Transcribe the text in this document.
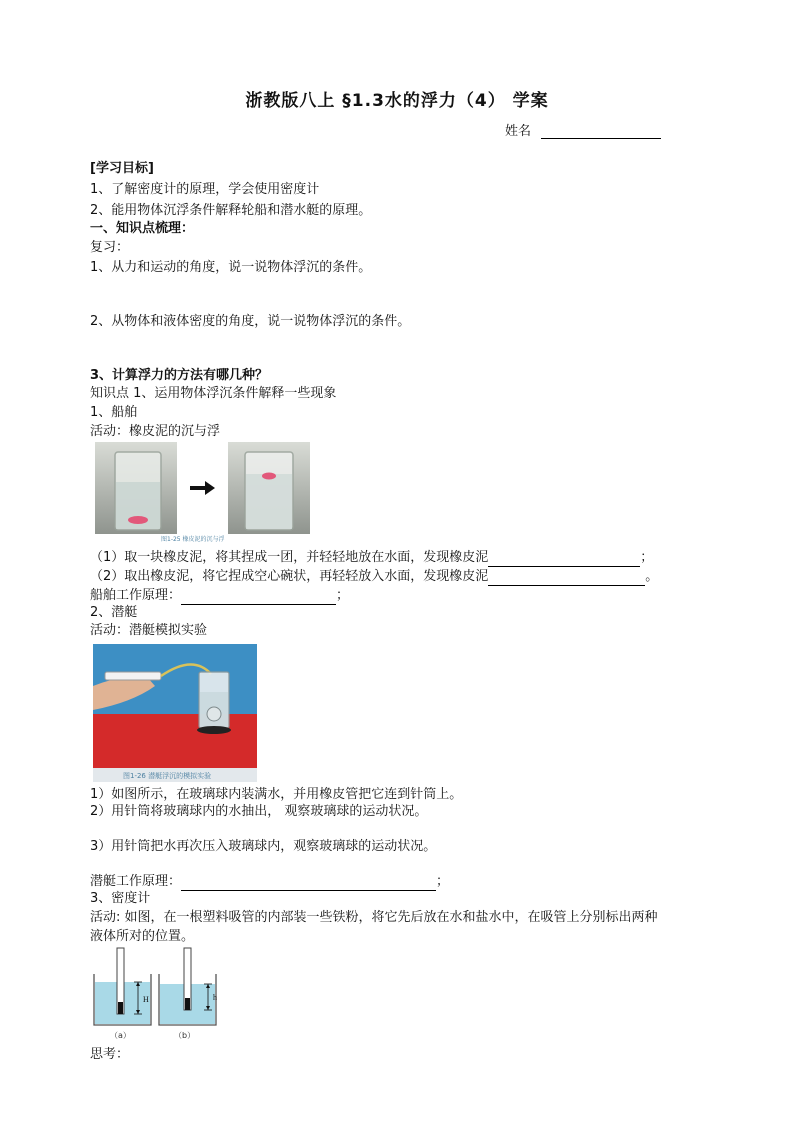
浙教版八上 §1.3水的浮力（4） 学案
姓名
[学习目标]
1、了解密度计的原理，学会使用密度计
2、能用物体沉浮条件解释轮船和潜水艇的原理。
一、知识点梳理：
复习：
1、从力和运动的角度，说一说物体浮沉的条件。
2、从物体和液体密度的角度，说一说物体浮沉的条件。
3、计算浮力的方法有哪几种？
知识点 1、运用物体浮沉条件解释一些现象
1、船舶
活动：橡皮泥的沉与浮
图1-25 橡皮泥的沉与浮
（1）取一块橡皮泥，将其捏成一团，并轻轻地放在水面，发现橡皮泥	；
（2）取出橡皮泥，将它捏成空心碗状，再轻轻放入水面，发现橡皮泥	。
船舶工作原理：	；
2、潜艇
活动：潜艇模拟实验
图1-26 潜艇浮沉的模拟实验
1）如图所示，在玻璃球内装满水，并用橡皮管把它连到针筒上。
2）用针筒将玻璃球内的水抽出， 观察玻璃球的运动状况。
3）用针筒把水再次压入玻璃球内，观察玻璃球的运动状况。
潜艇工作原理：	；
3、密度计
活动: 如图，在一根塑料吸管的内部装一些铁粉，将它先后放在水和盐水中，在吸管上分别标出两种
液体所对的位置。
H	h
（a）	（b）
思考：
